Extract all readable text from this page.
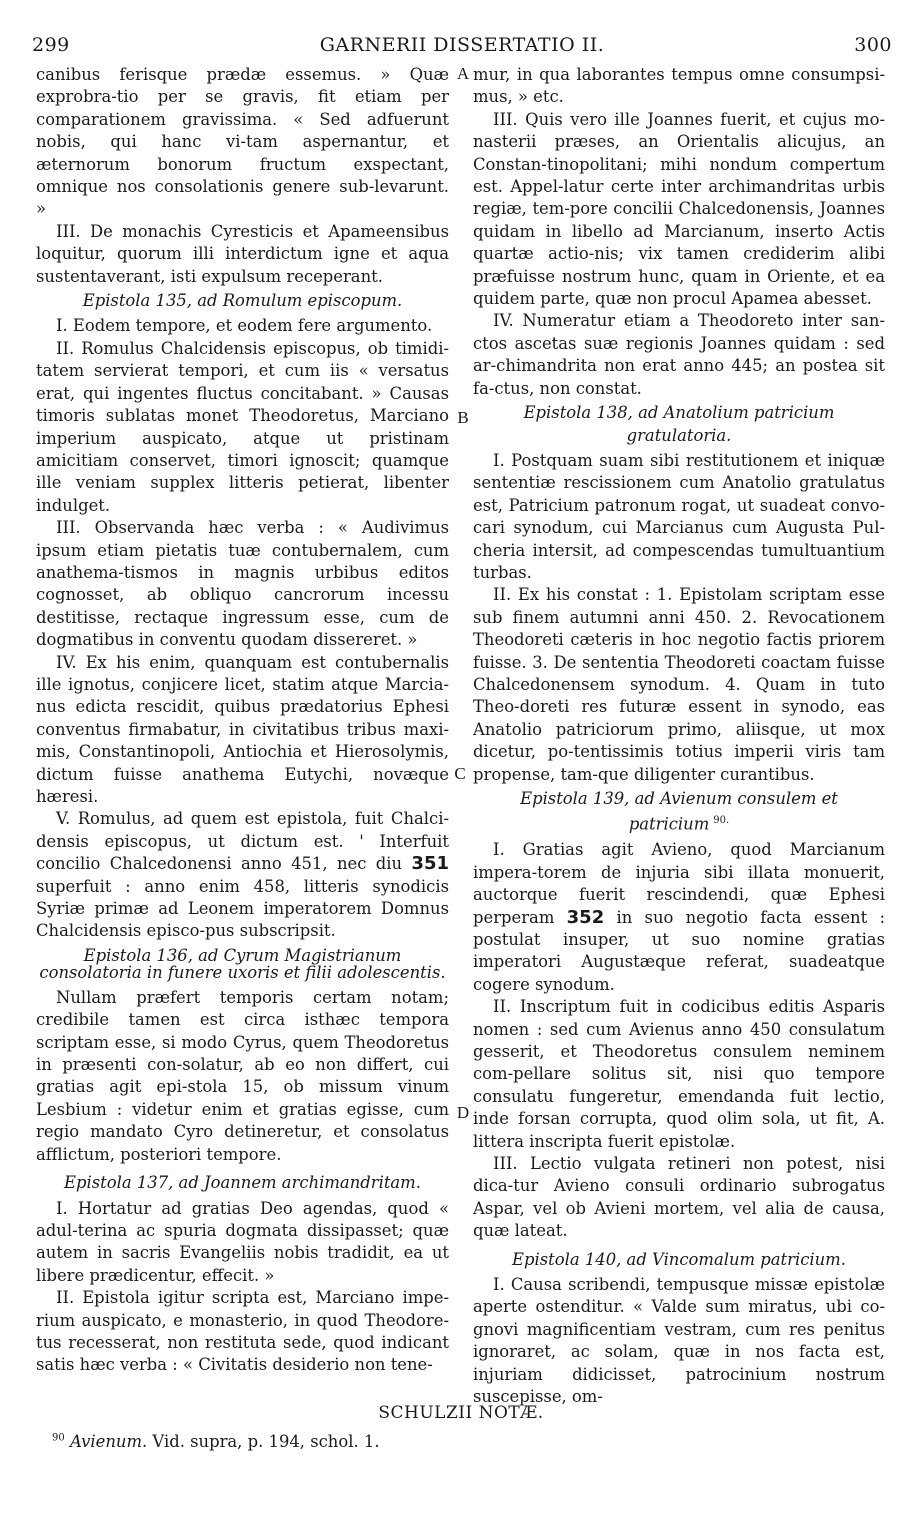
299	GARNERII DISSERTATIO II.	300

canibus ferisque prædæ essemus. » Quæ exprobra-tio per se gravis, fit etiam per comparationem gravissima. « Sed adfuerunt nobis, qui hanc vi-tam aspernantur, et æternorum bonorum fructum exspectant, omnique nos consolationis genere sub-levarunt. »

III. De monachis Cyresticis et Apameensibus loquitur, quorum illi interdictum igne et aqua sustentaverant, isti expulsum receperant.

Epistola 135, ad Romulum episcopum.

I. Eodem tempore, et eodem fere argumento.

II. Romulus Chalcidensis episcopus, ob timidi-tatem servierat tempori, et cum iis « versatus erat, qui ingentes fluctus concitabant. » Causas timoris sublatas monet Theodoretus, Marciano imperium auspicato, atque ut pristinam amicitiam conservet, timori ignoscit; quamque ille veniam supplex litteris petierat, libenter indulget.

III. Observanda hæc verba : « Audivimus ipsum etiam pietatis tuæ contubernalem, cum anathema-tismos in magnis urbibus editos cognosset, ab obliquo cancrorum incessu destitisse, rectaque ingressum esse, cum de dogmatibus in conventu quodam dissereret. »

IV. Ex his enim, quanquam est contubernalis ille ignotus, conjicere licet, statim atque Marcia-nus edicta rescidit, quibus prædatorius Ephesi conventus firmabatur, in civitatibus tribus maxi-mis, Constantinopoli, Antiochia et Hierosolymis, dictum fuisse anathema Eutychi, novæque hæresi.

V. Romulus, ad quem est epistola, fuit Chalci-densis episcopus, ut dictum est. ' Interfuit concilio Chalcedonensi anno 451, nec diu 351 superfuit : anno enim 458, litteris synodicis Syriæ primæ ad Leonem imperatorem Domnus Chalcidensis episco-pus subscripsit.

Epistola 136, ad Cyrum Magistrianum consolatoria in funere uxoris et filii adolescentis.

Nullam præfert temporis certam notam; credibile tamen est circa isthæc tempora scriptam esse, si modo Cyrus, quem Theodoretus in præsenti con-solatur, ab eo non differt, cui gratias agit epi-stola 15, ob missum vinum Lesbium : videtur enim et gratias egisse, cum regio mandato Cyro detineretur, et consolatus afflictum, posteriori tempore.

Epistola 137, ad Joannem archimandritam.

I. Hortatur ad gratias Deo agendas, quod « adul-terina ac spuria dogmata dissipasset; quæ autem in sacris Evangeliis nobis tradidit, ea ut libere prædicentur, effecit. »

II. Epistola igitur scripta est, Marciano impe-rium auspicato, e monasterio, in quod Theodore-tus recesserat, non restituta sede, quod indicant satis hæc verba : « Civitatis desiderio non tene-

mur, in qua laborantes tempus omne consumpsi-mus, » etc.

III. Quis vero ille Joannes fuerit, et cujus mo-nasterii præses, an Orientalis alicujus, an Constan-tinopolitani; mihi nondum compertum est. Appel-latur certe inter archimandritas urbis regiæ, tem-pore concilii Chalcedonensis, Joannes quidam in libello ad Marcianum, inserto Actis quartæ actio-nis; vix tamen crediderim alibi præfuisse nostrum hunc, quam in Oriente, et ea quidem parte, quæ non procul Apamea abesset.

IV. Numeratur etiam a Theodoreto inter san-ctos ascetas suæ regionis Joannes quidam : sed ar-chimandrita non erat anno 445; an postea sit fa-ctus, non constat.

Epistola 138, ad Anatolium patricium gratulatoria.

I. Postquam suam sibi restitutionem et iniquæ sententiæ rescissionem cum Anatolio gratulatus est, Patricium patronum rogat, ut suadeat convo-cari synodum, cui Marcianus cum Augusta Pul-cheria intersit, ad compescendas tumultuantium turbas.

II. Ex his constat : 1. Epistolam scriptam esse sub finem autumni anni 450. 2. Revocationem Theodoreti cæteris in hoc negotio factis priorem fuisse. 3. De sententia Theodoreti coactam fuisse Chalcedonensem synodum. 4. Quam in tuto Theo-doreti res futuræ essent in synodo, eas Anatolio patriciorum primo, aliisque, ut mox dicetur, po-tentissimis totius imperii viris tam propense, tam-que diligenter curantibus.

Epistola 139, ad Avienum consulem et patricium $^{90.}$

I. Gratias agit Avieno, quod Marcianum impera-torem de injuria sibi illata monuerit, auctorque fuerit rescindendi, quæ Ephesi perperam 352 in suo negotio facta essent : postulat insuper, ut suo nomine gratias imperatori Augustæque referat, suadeatque cogere synodum.

II. Inscriptum fuit in codicibus editis Asparis nomen : sed cum Avienus anno 450 consulatum gesserit, et Theodoretus consulem neminem com-pellare solitus sit, nisi quo tempore consulatu fungeretur, emendanda fuit lectio, inde forsan corrupta, quod olim sola, ut fit, A. littera inscripta fuerit epistolæ.

III. Lectio vulgata retineri non potest, nisi dica-tur Avieno consuli ordinario subrogatus Aspar, vel ob Avieni mortem, vel alia de causa, quæ lateat.

Epistola 140, ad Vincomalum patricium.

I. Causa scribendi, tempusque missæ epistolæ aperte ostenditur. « Valde sum miratus, ubi co-gnovi magnificentiam vestram, cum res penitus ignoraret, ac solam, quæ in nos facta est, injuriam didicisset, patrocinium nostrum suscepisse, om-

A
B
C
D
SCHULZII NOTÆ.
$^{90}$ Avienum. Vid. supra, p. 194, schol. 1.
